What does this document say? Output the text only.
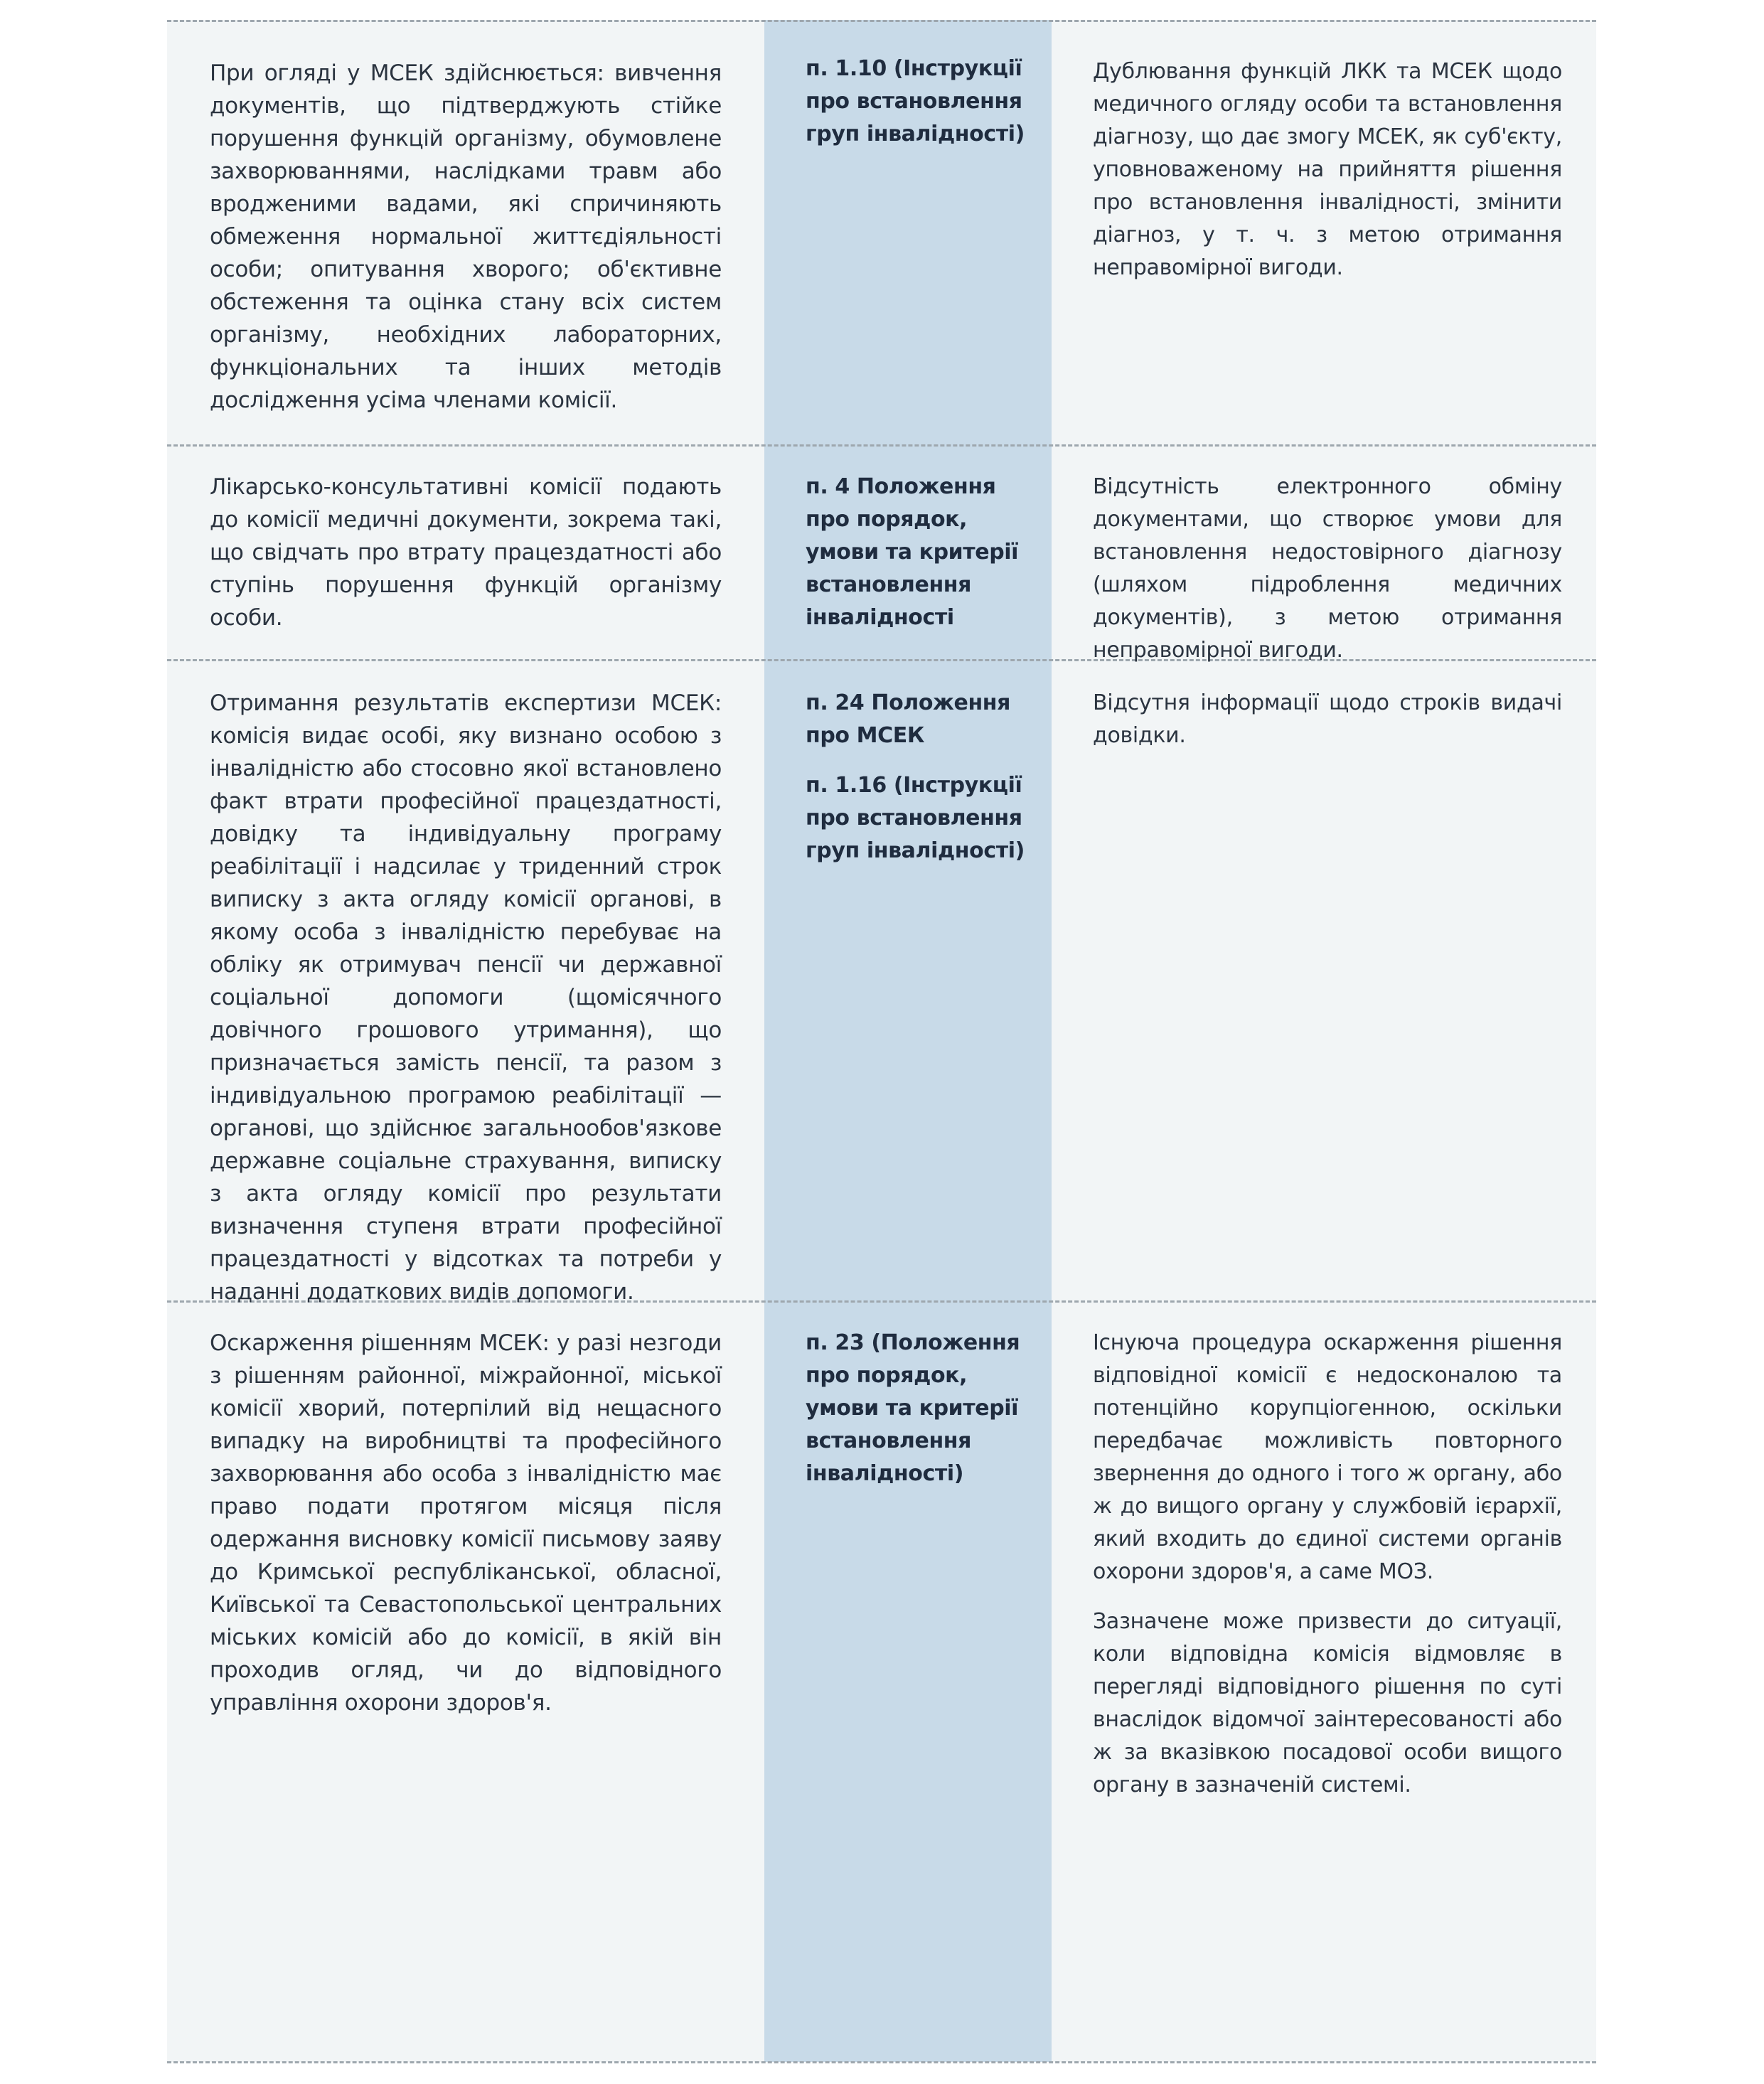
При огляді у МСЕК здійснюється: вивчення документів, що підтверджують стійке порушення функцій організму, обумовлене захворюваннями, наслідками травм або вродженими вадами, які спричиняють обмеження нормальної життєдіяльності особи; опитування хворого; об'єктивне обстеження та оцінка стану всіх систем організму, необхідних лабораторних, функціональних та інших методів дослідження усіма членами комісії.

п. 1.10 (Інструкції про встановлення груп інвалідності)

Дублювання функцій ЛКК та МСЕК щодо медичного огляду особи та встановлення діагнозу, що дає змогу МСЕК, як суб'єкту, уповноваженому на прийняття рішення про встановлення інвалідності, змінити діагноз, у т. ч. з метою отримання неправомірної вигоди.

Лікарсько-консультативні комісії подають до комісії медичні документи, зокрема такі, що свідчать про втрату працездатності або ступінь порушення функцій організму особи.

п. 4 Положення про порядок, умови та критерії встановлення інвалідності

Відсутність електронного обміну документами, що створює умови для встановлення недостовірного діагнозу (шляхом підроблення медичних документів), з метою отримання неправомірної вигоди.

Отримання результатів експертизи МСЕК: комісія видає особі, яку визнано особою з інвалідністю або стосовно якої встановлено факт втрати професійної працездатності, довідку та індивідуальну програму реабілітації і надсилає у триденний строк виписку з акта огляду комісії органові, в якому особа з інвалідністю перебуває на обліку як отримувач пенсії чи державної соціальної допомоги (щомісячного довічного грошового утримання), що призначається замість пенсії, та разом з індивідуальною програмою реабілітації — органові, що здійснює загальнообов'язкове державне соціальне страхування, виписку з акта огляду комісії про результати визначення ступеня втрати професійної працездатності у відсотках та потреби у наданні додаткових видів допомоги.

п. 24 Положення про МСЕК

п. 1.16 (Інструкції про встановлення груп інвалідності)

Відсутня інформації щодо строків видачі довідки.

Оскарження рішенням МСЕК: у разі незгоди з рішенням районної, міжрайонної, міської комісії хворий, потерпілий від нещасного випадку на виробництві та професійного захворювання або особа з інвалідністю має право подати протягом місяця після одержання висновку комісії письмову заяву до Кримської республіканської, обласної, Київської та Севастопольської центральних міських комісій або до комісії, в якій він проходив огляд, чи до відповідного управління охорони здоров'я.

п. 23 (Положення про порядок, умови та критерії встановлення інвалідності)

Існуюча процедура оскарження рішення відповідної комісії є недосконалою та потенційно корупціогенною, оскільки передбачає можливість повторного звернення до одного і того ж органу, або ж до вищого органу у службовій ієрархії, який входить до єдиної системи органів охорони здоров'я, а саме МОЗ.

Зазначене може призвести до ситуації, коли відповідна комісія відмовляє в перегляді відповідного рішення по суті внаслідок відомчої заінтересованості або ж за вказівкою посадової особи вищого органу в зазначеній системі.
